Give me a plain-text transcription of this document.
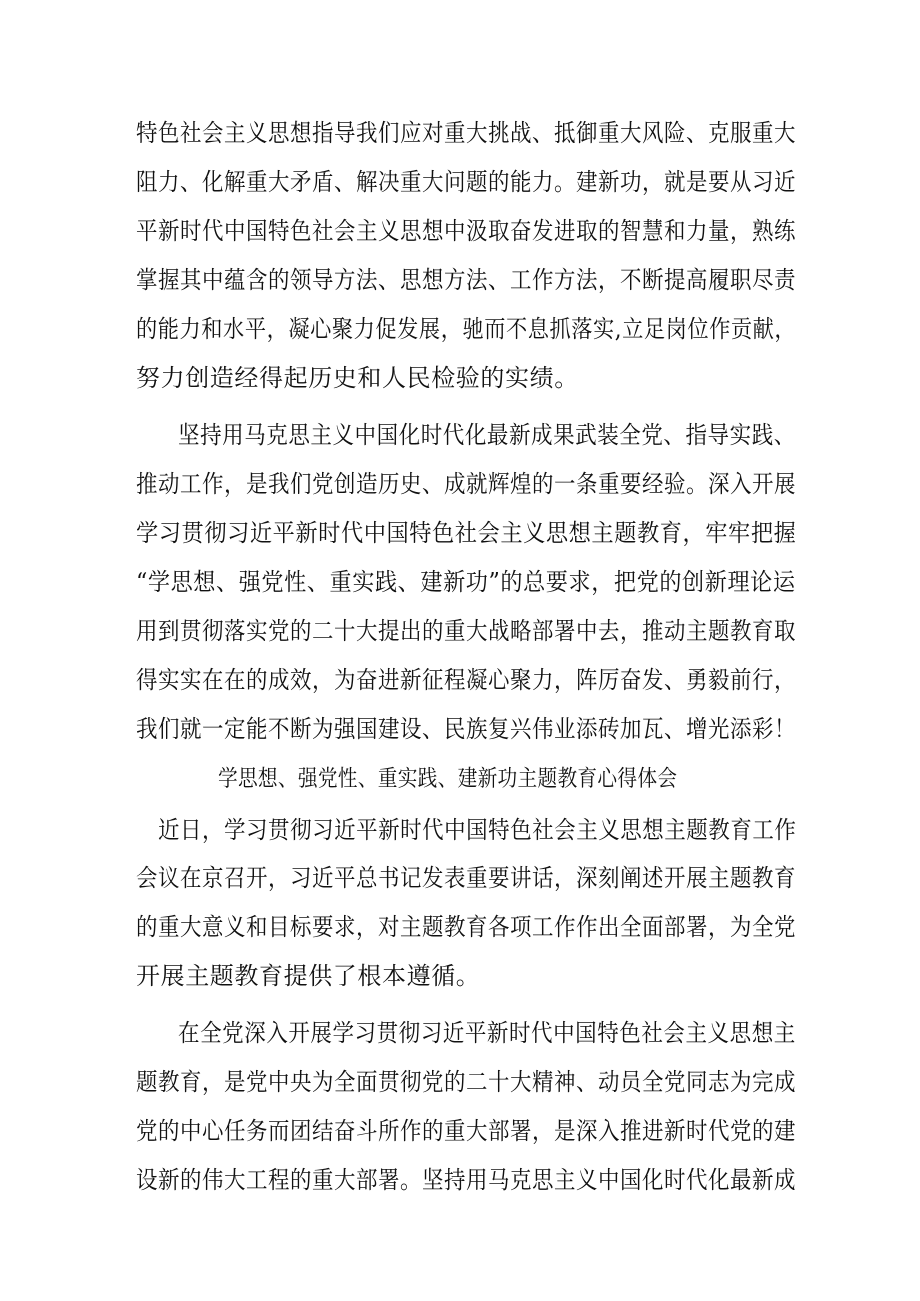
特色社会主义思想指导我们应对重大挑战、抵御重大风险、克服重大
阻力、化解重大矛盾、解决重大问题的能力。建新功，就是要从习近
平新时代中国特色社会主义思想中汲取奋发进取的智慧和力量，熟练
掌握其中蕴含的领导方法、思想方法、工作方法，不断提高履职尽责
的能力和水平，凝心聚力促发展，驰而不息抓落实,立足岗位作贡献，
努力创造经得起历史和人民检验的实绩。
坚持用马克思主义中国化时代化最新成果武装全党、指导实践、
推动工作，是我们党创造历史、成就辉煌的一条重要经验。深入开展
学习贯彻习近平新时代中国特色社会主义思想主题教育，牢牢把握
“学思想、强党性、重实践、建新功”的总要求，把党的创新理论运
用到贯彻落实党的二十大提出的重大战略部署中去，推动主题教育取
得实实在在的成效，为奋进新征程凝心聚力，阵厉奋发、勇毅前行，
我们就一定能不断为强国建设、民族复兴伟业添砖加瓦、增光添彩！
学思想、强党性、重实践、建新功主题教育心得体会
近日，学习贯彻习近平新时代中国特色社会主义思想主题教育工作
会议在京召开，习近平总书记发表重要讲话，深刻阐述开展主题教育
的重大意义和目标要求，对主题教育各项工作作出全面部署，为全党
开展主题教育提供了根本遵循。
在全党深入开展学习贯彻习近平新时代中国特色社会主义思想主
题教育，是党中央为全面贯彻党的二十大精神、动员全党同志为完成
党的中心任务而团结奋斗所作的重大部署，是深入推进新时代党的建
设新的伟大工程的重大部署。坚持用马克思主义中国化时代化最新成
